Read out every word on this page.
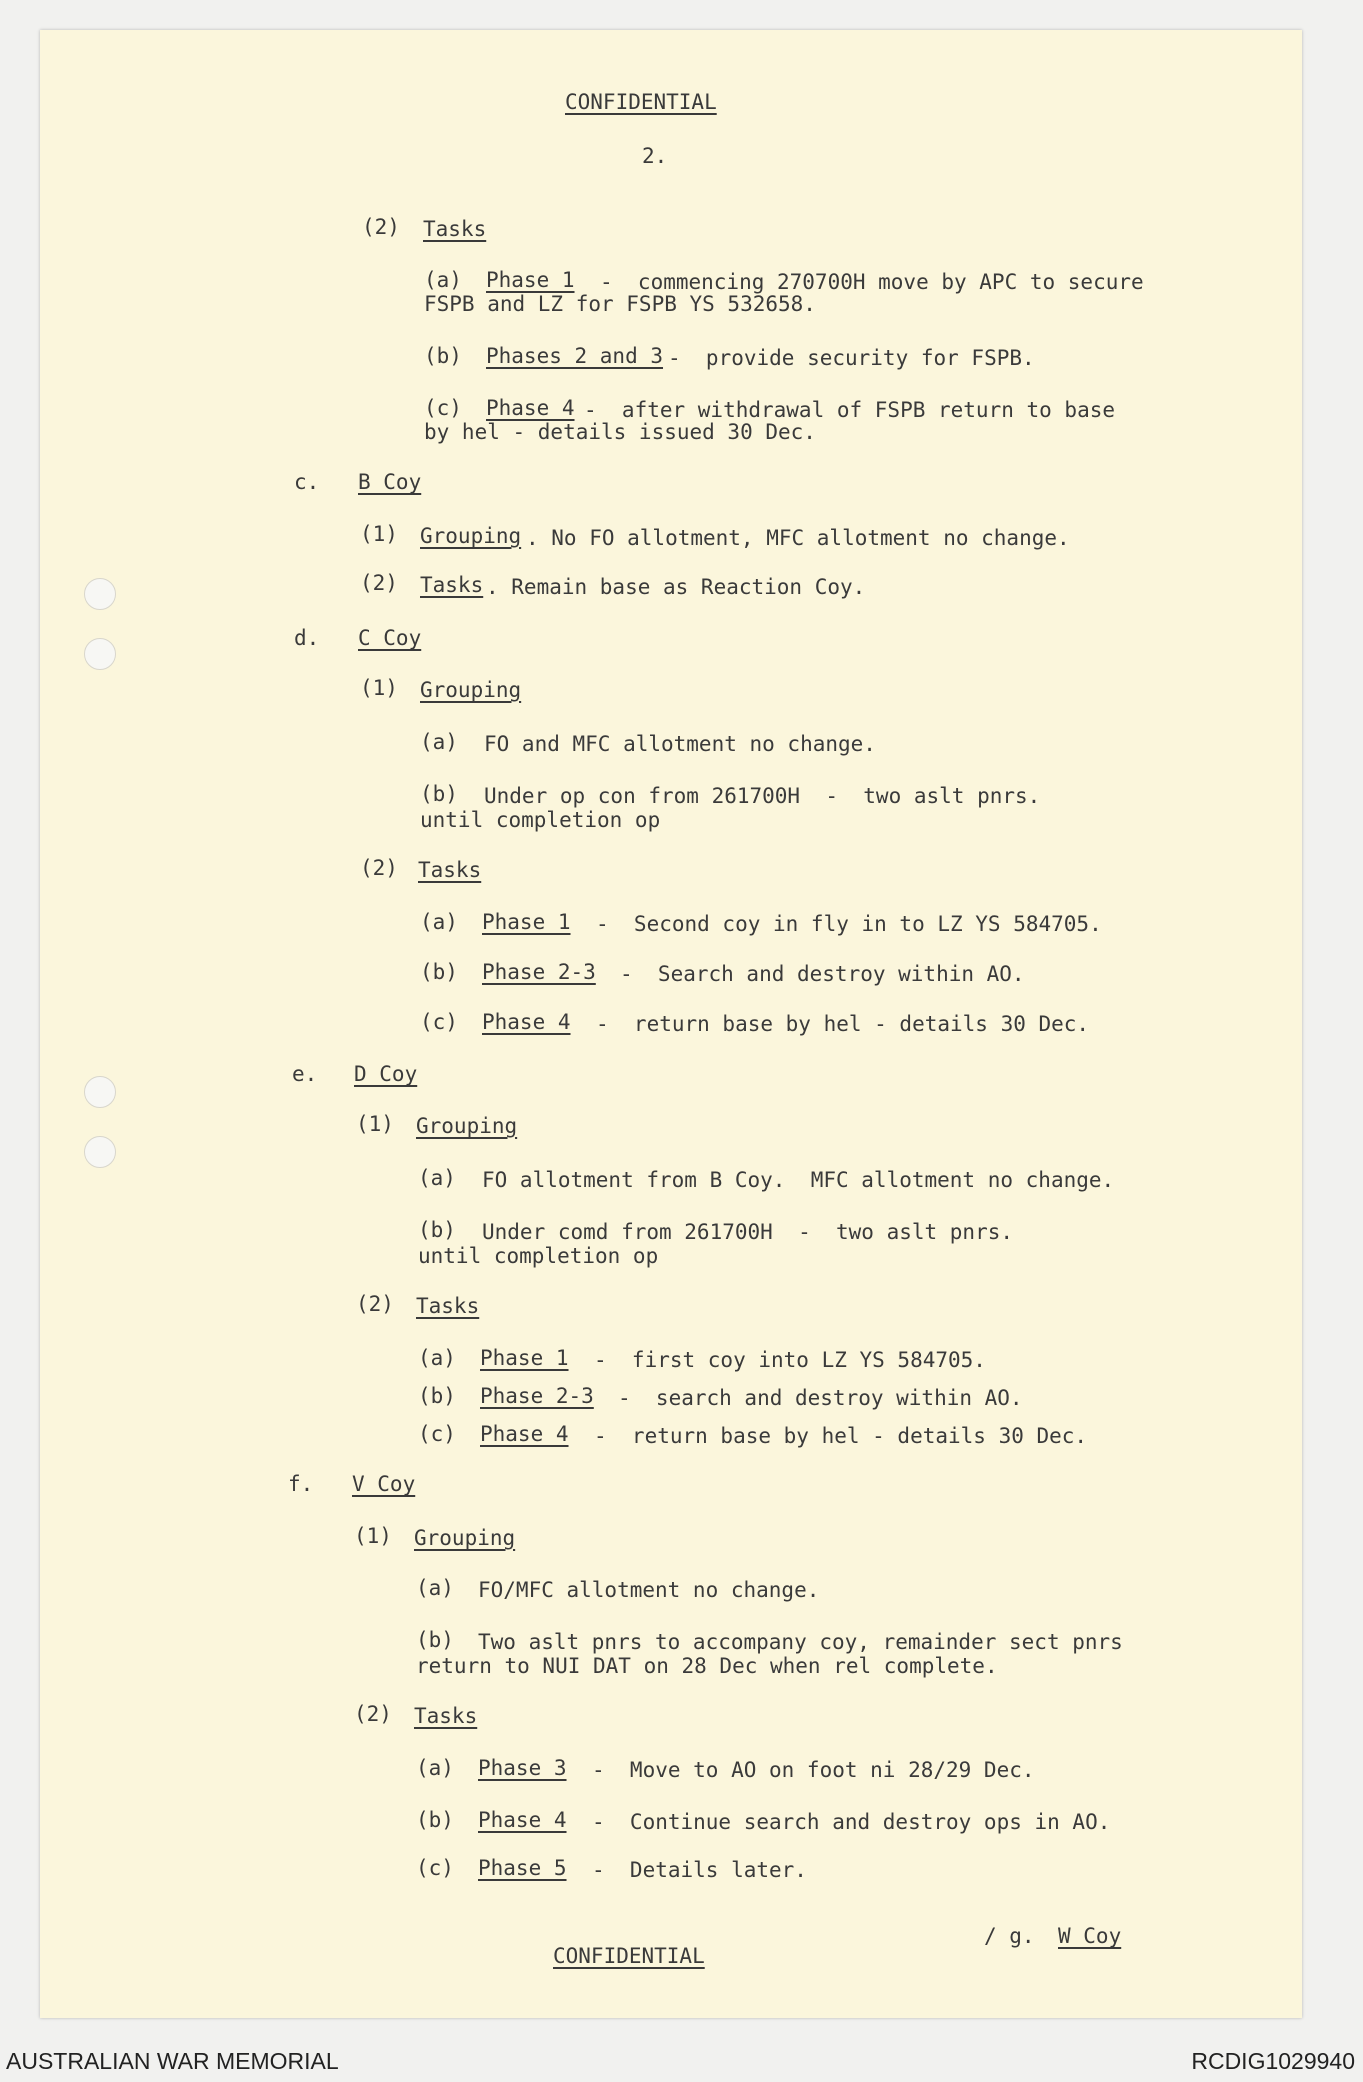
CONFIDENTIAL
2.
(2) Tasks
(a) Phase 1 -  commencing 270700H move by APC to secure
FSPB and LZ for FSPB YS 532658.
(b) Phases 2 and 3 -  provide security for FSPB.
(c) Phase 4 -  after withdrawal of FSPB return to base
by hel - details issued 30 Dec.
c. B Coy
(1) Grouping . No FO allotment, MFC allotment no change.
(2) Tasks . Remain base as Reaction Coy.
d. C Coy
(1) Grouping
(a) FO and MFC allotment no change.
(b) Under op con from 261700H  -  two aslt pnrs.
until completion op
(2) Tasks
(a) Phase 1 -  Second coy in fly in to LZ YS 584705.
(b) Phase 2-3 -  Search and destroy within AO.
(c) Phase 4 -  return base by hel - details 30 Dec.
e. D Coy
(1) Grouping
(a) FO allotment from B Coy.  MFC allotment no change.
(b) Under comd from 261700H  -  two aslt pnrs.
until completion op
(2) Tasks
(a) Phase 1 -  first coy into LZ YS 584705.
(b) Phase 2-3 -  search and destroy within AO.
(c) Phase 4 -  return base by hel - details 30 Dec.
f. V Coy
(1) Grouping
(a) FO/MFC allotment no change.
(b) Two aslt pnrs to accompany coy, remainder sect pnrs
return to NUI DAT on 28 Dec when rel complete.
(2) Tasks
(a) Phase 3 -  Move to AO on foot ni 28/29 Dec.
(b) Phase 4 -  Continue search and destroy ops in AO.
(c) Phase 5 -  Details later.
/ g. W Coy
CONFIDENTIAL
AUSTRALIAN WAR MEMORIAL	RCDIG1029940
